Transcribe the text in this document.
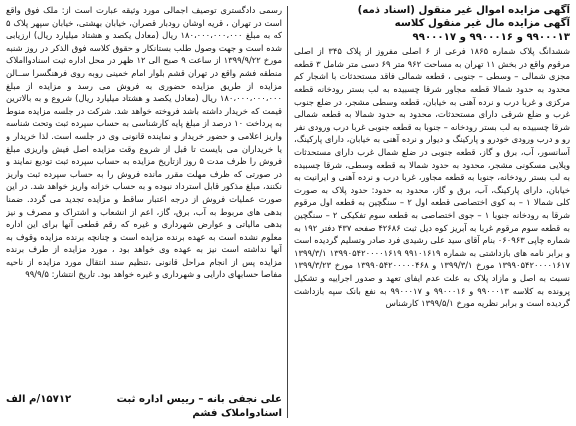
آگهی مزایده اموال غیر منقول (اسناد ذمه)
آگهی مزایده مال غیر منقول کلاسه
۹۹۰۰۰۱۳ و ۹۹۰۰۰۱۶ و ۹۹۰۰۰۱۷

ششدانگ پلاک شماره ۱۸۶۵ فرعی از ۶ اصلی مفروز از پلاک ۳۴۵ از اصلی مرقوم واقع در بخش ۱۱ تهران به مساحت ۹۶۲ متر ۶۹ دسی متر شامل ۳ قطعه مجزی شمالی – وسطی – جنوبی ، قطعه شمالی فاقد مستحدثات با اشجار کم محدود به حدود شمالا قطعه مجاور شرقا چسبیده به لب بستر رودخانه قطعه مرکزی و غربا درب و نرده آهنی به خیابان، قطعه وسطی مشجر، در ضلع جنوب غرب و ضلع شرقی دارای مستحدثات، محدود به حدود شمالا به قطعه شمالی شرقا چسبیده به لب بستر رودخانه – جنوبا به قطعه جنوبی غربا درب ورودی نفر رو و درب ورودی خودرو و پارکینگ و دیوار و نرده آهنی به خیابان، دارای پارکینگ، آسانسور، آب، برق و گاز، قطعه جنوبی در ضلع شمال غرب دارای مستحدثات ویلایی مسکونی مشجر، محدود به حدود شمالا به قطعه وسطی، شرقا چسبیده به لب بستر رودخانه، جنوبا به قطعه مجاور، غربا درب و نرده آهنی و ایرانیت به خیابان، دارای پارکینگ، آب، برق و گاز، محدود به حدود: حدود پلاک به صورت کلی شمالا ۱ – به کوی اختصاصی قطعه اول ۲ – سنگچین به قطعه اول مرقوم شرقا به رودخانه جنوبا ۱ – جوی اختصاصی به قطعه سوم تفکیکی ۲ – سنگچین به قطعه سوم مرقوم غربا به آبریز کوه دیل ثبت ۴۲۶۸۶ صفحه ۴۳۷ دفتر ۱۹۲ به شماره چاپی ۰۶۰۹۶۳ بنام آقای سید علی رشیدی فرد صادر وتسلیم گردیده است و برابر نامه های بازداشتی به شماره ۹۹۱۰۱۶۱۹ ۱۳۹۹۰۵۴۲۰۰۰۰۱۶۱۹ ۱۳۹۹/۳/۱ ۱۳۹۹۰۵۴۲۰۰۰۰۱۶۱۷ مورخ ۱۳۹۹/۳/۱ و ۱۳۹۹۰۵۴۲۰۰۰۰۰۴۶۸ مورخ ۱۳۹۹/۳/۲۳ نسبت به اصل و مازاد پلاک به علت عدم ایفای تعهد و صدور اجراییه و تشکیل پرونده به کلاسه ۹۹۰۰۰۱۳ و ۹۹۰۰۰۱۶ و ۹۹۰۰۰۱۷ به نفع بانک سپه بازداشت گردیده است و برابر نظریه مورخ ۱۳۹۹/۵/۱ کارشناس

رسمی دادگستری توصیف اجمالی مورد وثیقه عبارت است از: ملک فوق واقع است در تهران ، قریه اوشان رودبار قصران، خیابان بهشتی، خیابان سپهر پلاک ۵ که به مبلغ ۱۸۰،۰۰۰،۰۰۰،۰۰۰ ریال (معادل یکصد و هشتاد میلیارد ریال) ارزیابی شده است و جهت وصول طلب بستانکار و حقوق کلاسه فوق الذکر در روز شنبه مورخ ۱۳۹۹/۹/۲۲ از ساعت ۹ صبح الی ۱۲ ظهر در محل اداره ثبت اسنادوااملاک منطقه فشم واقع در تهران قشم بلوار امام خمینی روبه روی فرهنگسرا ســالن مزایده از طریق مزایده حضوری به فروش می رسد و مزایده از مبلغ ۱۸۰،۰۰۰،۰۰۰،۰۰۰ ریال (معادل یکصد و هشتاد میلیارد ریال) شروع و به بالاترین قیمت که خریدار داشته باشد فروخته خواهد شد. شرکت در جلسه مزایده منوط به پرداخت ۱۰ درصد از مبلغ پایه کارشناسی به حساب سپرده ثبت وتحت شناسه واریز اعلامی و حضور خریدار و نماینده قانونی وی در جلسه است. لذا خریدار و یا خریداران می بایست تا قبل از شروع وقت مزایده اصل فیش واریزی مبلغ فروش را ظرف مدت ۵ روز ازتاریخ مزایده به حساب سپرده ثبت تودیع نمایند و در صورتی که ظرف مهلت مقرر مانده فروش را به حساب سپرده ثبت واریز نکنند، مبلغ مذکور قابل استرداد نبوده و به حساب خزانه واریز خواهد شد. در این صورت عملیات فروش از درجه اعتبار ساقط و مزایده تجدید می گردد. ضمنا بدهی های مربوط به آب، برق، گاز، اعم از انشعاب و اشتراک و مصرف و نیز بدهی مالیاتی و عوارض شهرداری و غیره که رقم قطعی آنها برای این اداره معلوم نشده است به عهده برنده مزایده است و چنانچه برنده مزایده وقوف به آنها نداشته است نیز به عهده وی خواهد بود ، مورد مزایده از طرف برنده مزایده پس از انجام مراحل قانونی ،تنظیم سند انتقال مورد مزایده از ناحیه مفاصا حسابهای دارایی و شهرداری و غیره خواهد بود. تاریخ انتشار: ۹۹/۹/۵

علی نجفی بانه – رییس اداره ثبت
۱۵۷۱۲/م الف
اسنادواملاک فشم
